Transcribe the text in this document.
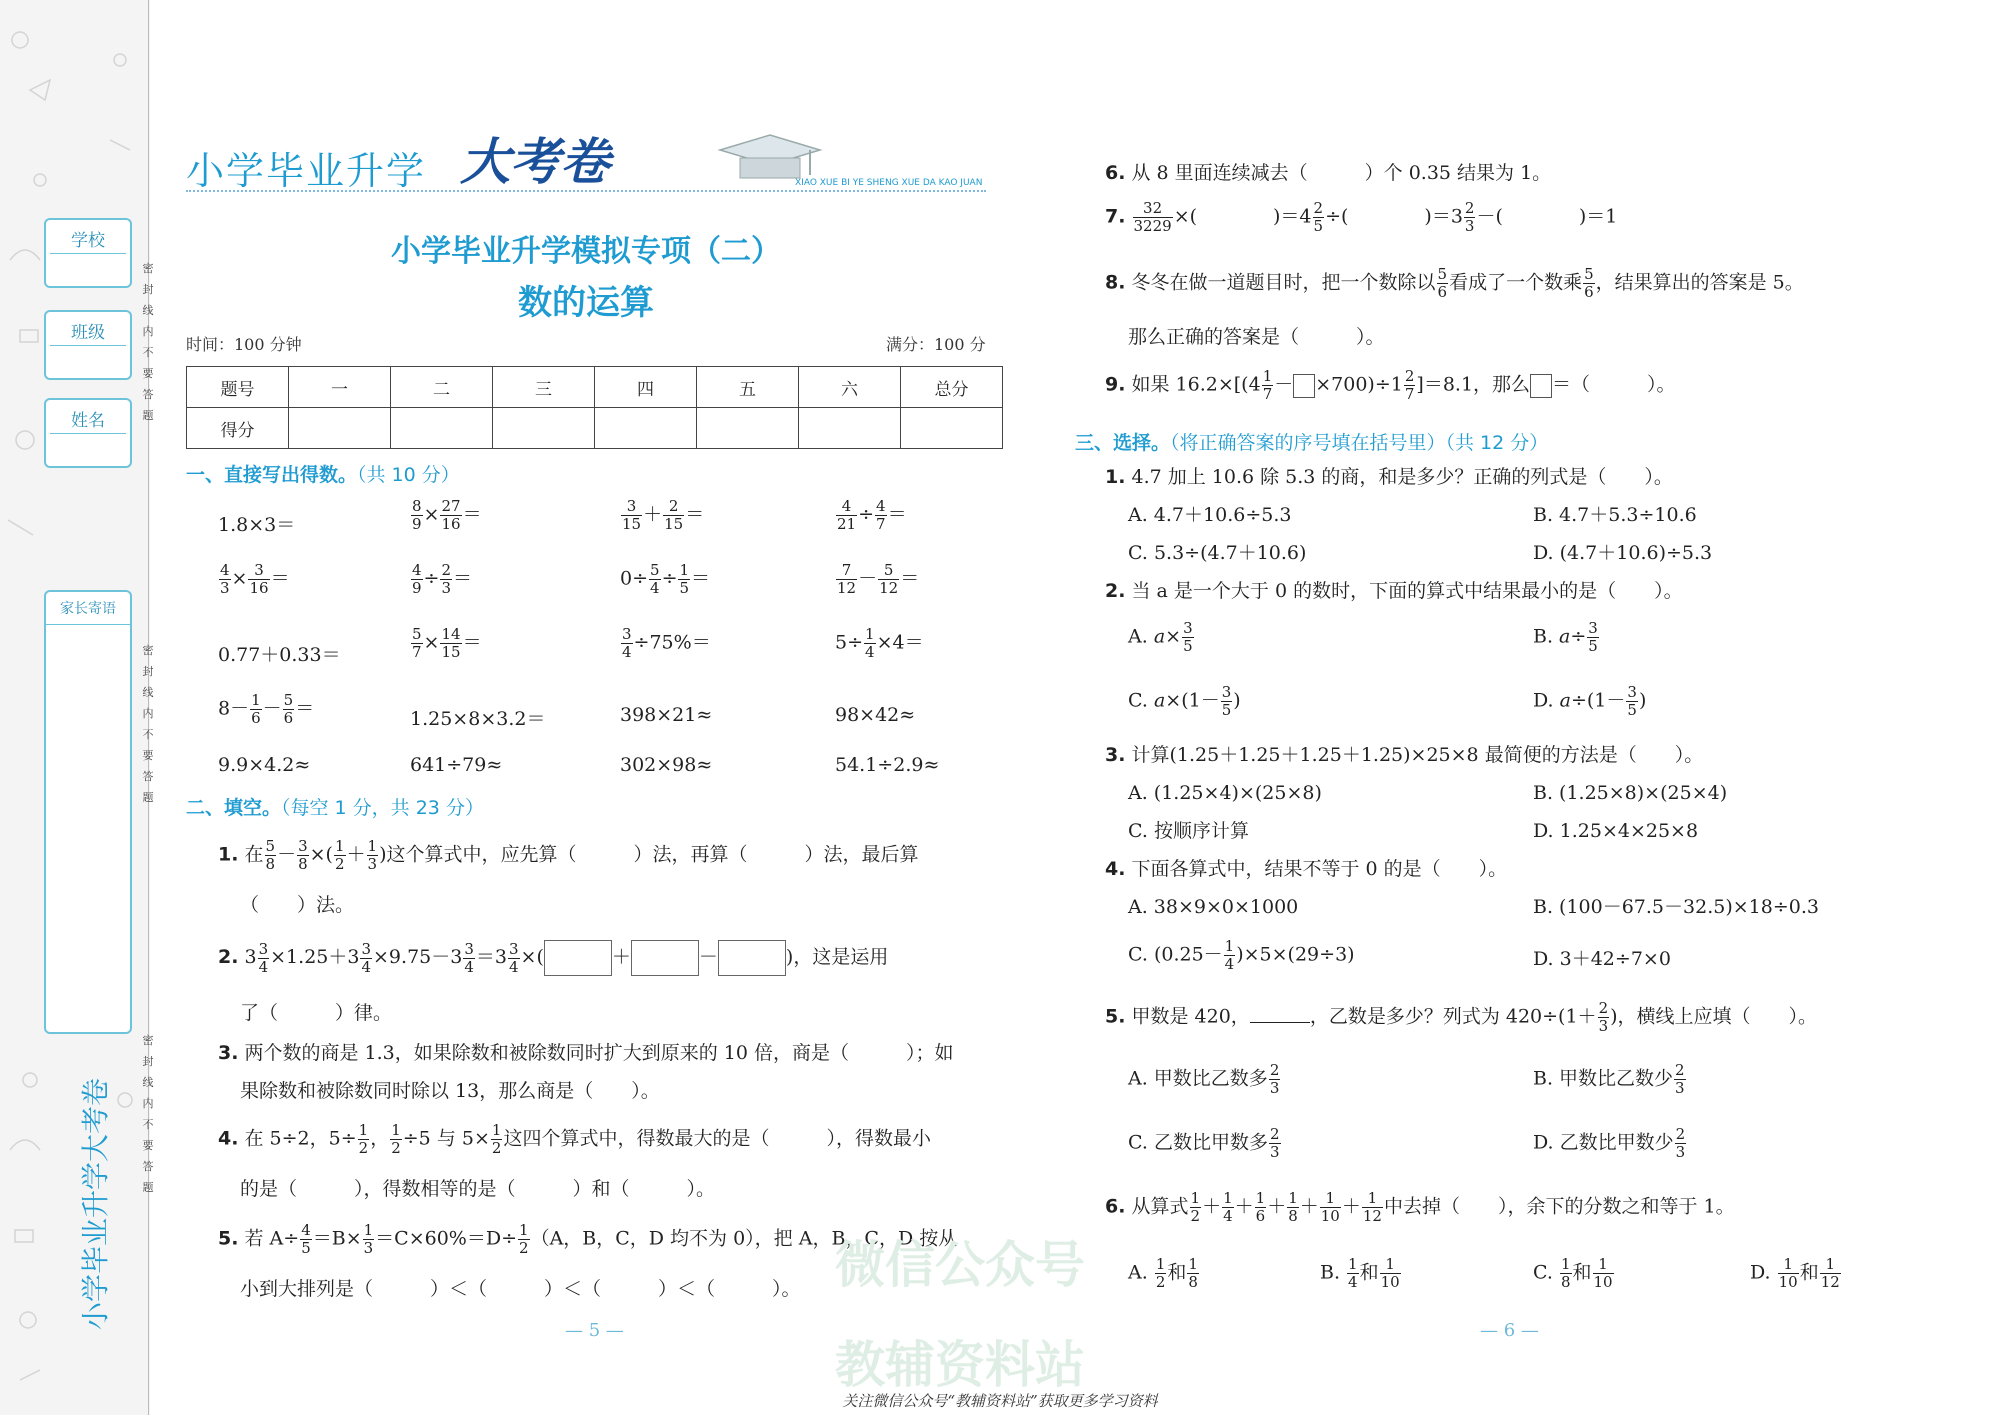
学校
班级
姓名
家长寄语
密
封
线
内
不
要
答
题
密
封
线
内
不
要
答
题
密
封
线
内
不
要
答
题
小学毕业升学大考卷
小学毕业升学 大考卷	XIAO XUE BI YE SHENG XUE DA KAO JUAN
小学毕业升学模拟专项（二）
数的运算
时间：100 分钟	满分：100 分
题号	一	二	三	四	五	六	总分
得分							
一、直接写出得数。（共 10 分）
1.8×3＝	$\frac{8}{9} \times \frac{27}{16}$ ＝	$\frac{3}{15} + \frac{2}{15}$ ＝	$\frac{4}{21} \div \frac{4}{7}$ ＝
$\frac{4}{3} \times \frac{3}{16}$ ＝	$\frac{4}{9} \div \frac{2}{3}$ ＝	$0\div \frac{5}{4} \div \frac{1}{5}$ ＝	$\frac{7}{12} - \frac{5}{12}$ ＝
0.77＋0.33＝	$\frac{5}{7} \times \frac{14}{15}$ ＝	$\frac{3}{4} \div 75\%=$	$5\div \frac{1}{4} \times 4=$
$8- \frac{1}{6} - \frac{5}{6}$ ＝	1.25×8×3.2＝	398×21≈	98×42≈
9.9×4.2≈	641÷79≈	302×98≈	54.1÷2.9≈
二、填空。（每空 1 分，共 23 分）
1. 在 $\frac{5}{8} - \frac{3}{8}$ ×( $\frac{1}{2} + \frac{1}{3}$ )这个算式中，应先算（　　　）法，再算（　　　）法，最后算
（　　）法。
2. $3 \frac{3}{4} \times 1.25+3 \frac{3}{4} \times 9.75-3 \frac{3}{4} =3 \frac{3}{4}$ ×(	＋	－	)，这是运用
了（　　　）律。
3. 两个数的商是 1.3，如果除数和被除数同时扩大到原来的 10 倍，商是（　　　）；如
果除数和被除数同时除以 13，那么商是（　　）。
4. 在 5÷2，$5\div \frac{1}{2}$ ， $\frac{1}{2} \div 5$ 与 $5\times \frac{1}{2}$ 这四个算式中，得数最大的是（　　　），得数最小
的是（　　　），得数相等的是（　　　）和（　　　）。
5. 若 $A\div \frac{4}{5} =B\times \frac{1}{3} =C\times 60\%=D\div \frac{1}{2} (A$，B，C，D 均不为 0），把 A，B，C，D 按从
小到大排列是（　　　）＜（　　　）＜（　　　）＜（　　　）。
— 5 —
6. 从 8 里面连续减去（　　　）个 0.35 结果为 1。
7. $\frac{32}{3229}$ ×(　　　　)$=4 \frac{2}{5}$ ÷(　　　　)$=3 \frac{2}{3}$ －(　　　　)＝1
8. 冬冬在做一道题目时，把一个数除以 $\frac{5}{6}$ 看成了一个数乘 $\frac{5}{6}$ ，结果算出的答案是 5。
那么正确的答案是（　　　）。
9. 如果 $16.2\times[(4 \frac{1}{7} - \times 700)\div 1 \frac{2}{7} ]=8.1$，那么 ＝（　　　）。
三、选择。（将正确答案的序号填在括号里）（共 12 分）
1. 4.7 加上 10.6 除 5.3 的商，和是多少？正确的列式是（　　）。
A. 4.7＋10.6÷5.3	B. 4.7＋5.3÷10.6
C. 5.3÷(4.7＋10.6)	D. (4.7＋10.6)÷5.3
2. 当 a 是一个大于 0 的数时，下面的算式中结果最小的是（　　）。
A. $a\times \frac{3}{5}$	B. $a\div \frac{3}{5}$
C. $a\times(1- \frac{3}{5}$ )	D. $a\div(1- \frac{3}{5}$ )
3. 计算(1.25＋1.25＋1.25＋1.25)×25×8 最简便的方法是（　　）。
A. (1.25×4)×(25×8)	B. (1.25×8)×(25×4)
C. 按顺序计算	D. 1.25×4×25×8
4. 下面各算式中，结果不等于 0 的是（　　）。
A. 38×9×0×1000	B. (100－67.5－32.5)×18÷0.3
C. $(0.25- \frac{1}{4} )\times 5\times(29\div 3)$	D. 3＋42÷7×0
5. 甲数是 420，	，乙数是多少？列式为 $420\div(1+ \frac{2}{3}$ )，横线上应填（　　）。
A. 甲数比乙数多 $\frac{2}{3}$	B. 甲数比乙数少 $\frac{2}{3}$
C. 乙数比甲数多 $\frac{2}{3}$	D. 乙数比甲数少 $\frac{2}{3}$
6. 从算式 $\frac{1}{2} + \frac{1}{4} + \frac{1}{6} + \frac{1}{8} + \frac{1}{10} + \frac{1}{12}$ 中去掉（　　），余下的分数之和等于 1。
A. $\frac{1}{2}$ 和 $\frac{1}{8}$	B. $\frac{1}{4}$ 和 $\frac{1}{10}$	C. $\frac{1}{8}$ 和 $\frac{1}{10}$	D. $\frac{1}{10}$ 和 $\frac{1}{12}$
— 6 —
微信公众号
教辅资料站
关注微信公众号“教辅资料站”获取更多学习资料
